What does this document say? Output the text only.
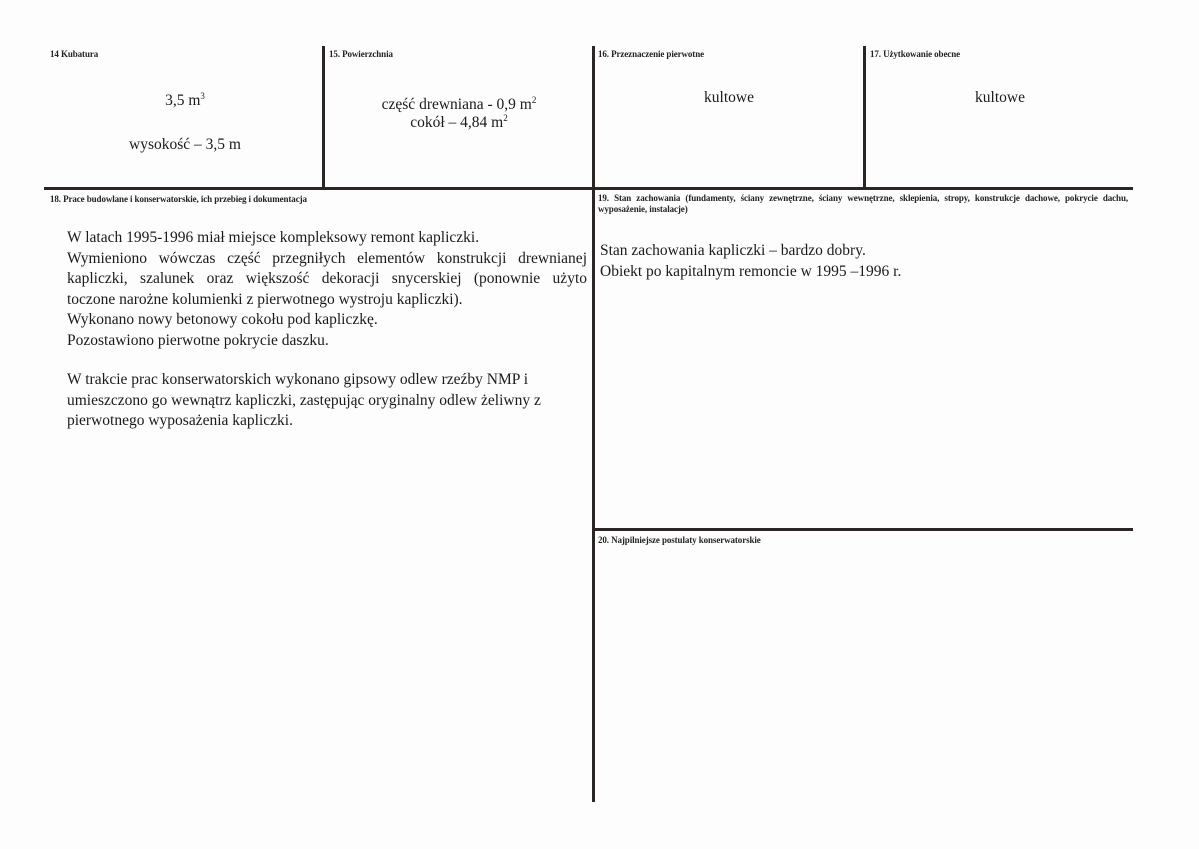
14 Kubatura
3,5 $m^3$
wysokość – 3,5 m
15. Powierzchnia
część drewniana - 0,9 $m^2$
cokół – 4,84 $m^2$
16. Przeznaczenie pierwotne
kultowe
17. Użytkowanie obecne
kultowe
18. Prace budowlane i konserwatorskie, ich przebieg i dokumentacja
W latach 1995-1996 miał miejsce kompleksowy remont kapliczki.
Wymieniono wówczas część przegniłych elementów konstrukcji drewnianej
kapliczki, szalunek oraz większość dekoracji snycerskiej (ponownie użyto
toczone narożne kolumienki z pierwotnego wystroju kapliczki).
Wykonano nowy betonowy cokołu pod kapliczkę.
Pozostawiono pierwotne pokrycie daszku.
W trakcie prac konserwatorskich wykonano gipsowy odlew rzeźby NMP i
umieszczono go wewnątrz kapliczki, zastępując oryginalny odlew żeliwny z
pierwotnego wyposażenia kapliczki.
19. Stan zachowania (fundamenty, ściany zewnętrzne, ściany wewnętrzne, sklepienia, stropy, konstrukcje dachowe, pokrycie dachu, wyposażenie, instalacje)
Stan zachowania kapliczki – bardzo dobry.
Obiekt po kapitalnym remoncie w 1995 –1996 r.
20. Najpilniejsze postulaty konserwatorskie
